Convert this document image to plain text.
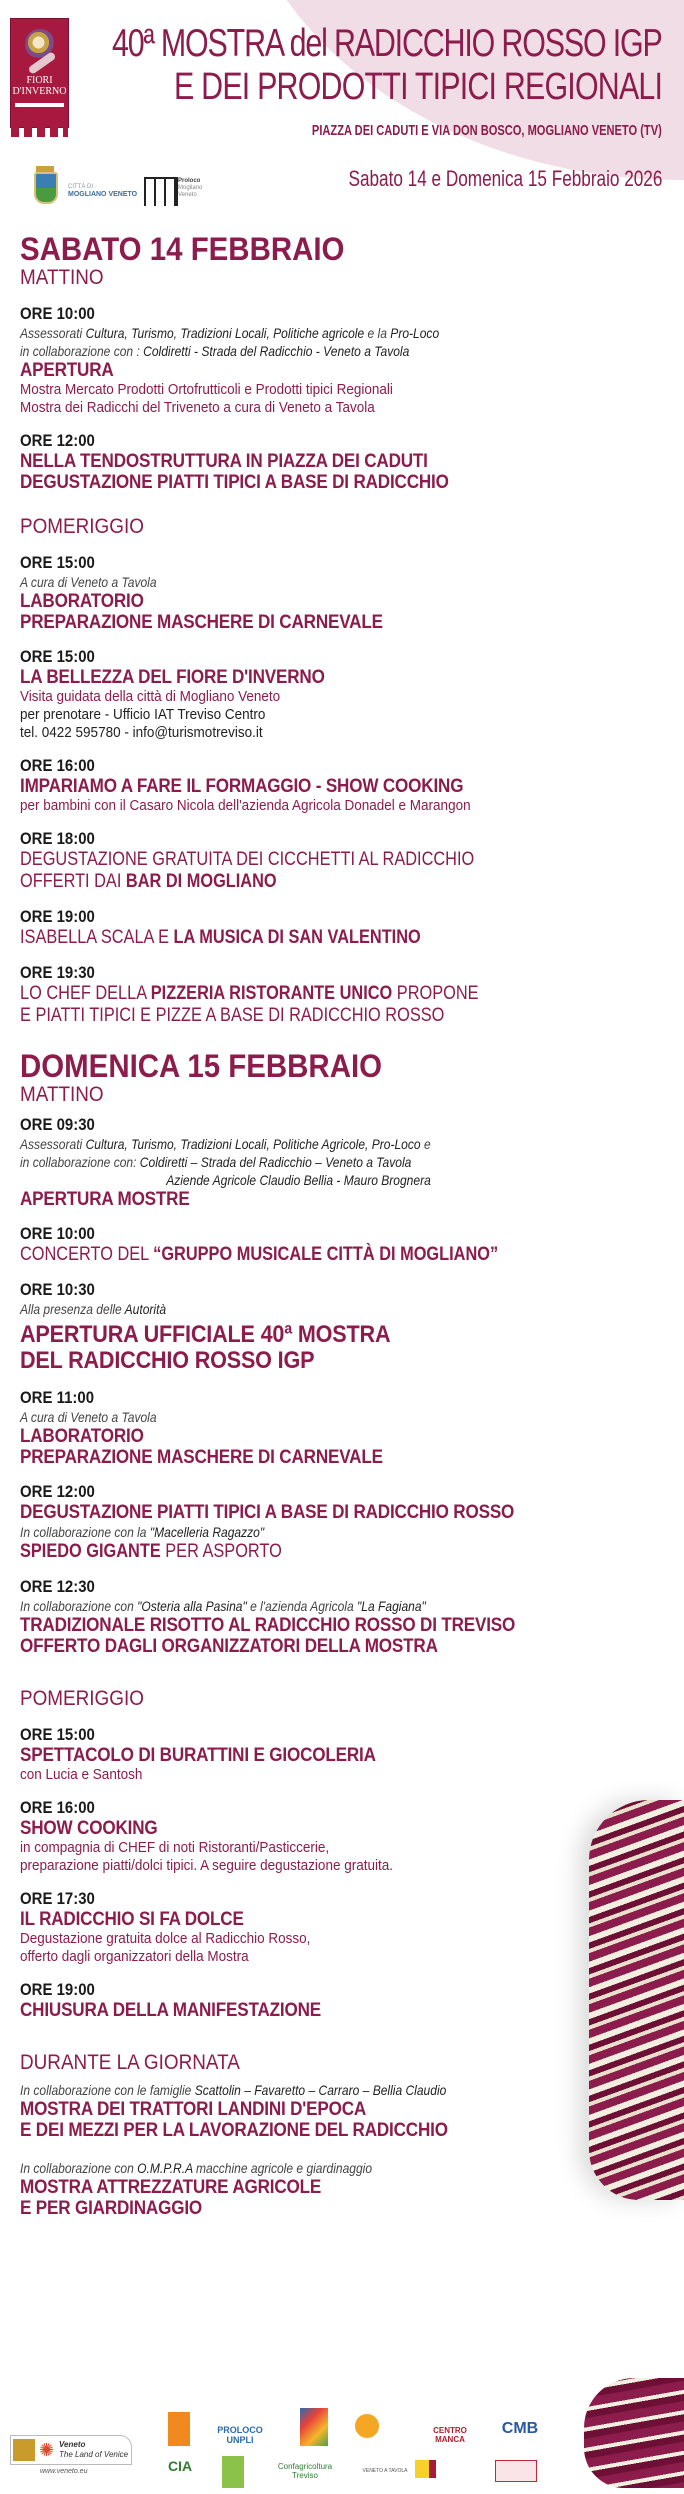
FIORI
D'INVERNO
40ª MOSTRA del RADICCHIO ROSSO IGP
E DEI PRODOTTI TIPICI REGIONALI
PIAZZA DEI CADUTI E VIA DON BOSCO, MOGLIANO VENETO (TV)
Sabato 14 e Domenica 15 Febbraio 2026
CITTÀ DI
MOGLIANO VENETO
Proloco
Mogliano
Veneto
SABATO 14 FEBBRAIO
MATTINO
ORE 10:00
Assessorati Cultura, Turismo, Tradizioni Locali, Politiche agricole e la Pro-Loco
in collaborazione con : Coldiretti - Strada del Radicchio - Veneto a Tavola
APERTURA
Mostra Mercato Prodotti Ortofrutticoli e Prodotti tipici Regionali
Mostra dei Radicchi del Triveneto a cura di Veneto a Tavola
ORE 12:00
NELLA TENDOSTRUTTURA IN PIAZZA DEI CADUTI
DEGUSTAZIONE PIATTI TIPICI A BASE DI RADICCHIO
POMERIGGIO
ORE 15:00
A cura di Veneto a Tavola
LABORATORIO
PREPARAZIONE MASCHERE DI CARNEVALE
ORE 15:00
LA BELLEZZA DEL FIORE D'INVERNO
Visita guidata della città di Mogliano Veneto
per prenotare - Ufficio IAT Treviso Centro
tel. 0422 595780 - info@turismotreviso.it
ORE 16:00
IMPARIAMO A FARE IL FORMAGGIO - SHOW COOKING
per bambini con il Casaro Nicola dell'azienda Agricola Donadel e Marangon
ORE 18:00
DEGUSTAZIONE GRATUITA DEI CICCHETTI AL RADICCHIO
OFFERTI DAI BAR DI MOGLIANO
ORE 19:00
ISABELLA SCALA E LA MUSICA DI SAN VALENTINO
ORE 19:30
LO CHEF DELLA PIZZERIA RISTORANTE UNICO PROPONE
E PIATTI TIPICI E PIZZE A BASE DI RADICCHIO ROSSO
DOMENICA 15 FEBBRAIO
MATTINO
ORE 09:30
Assessorati Cultura, Turismo, Tradizioni Locali, Politiche Agricole, Pro-Loco e
in collaborazione con: Coldiretti – Strada del Radicchio – Veneto a Tavola
Aziende Agricole Claudio Bellia - Mauro Brognera
APERTURA MOSTRE
ORE 10:00
CONCERTO DEL “GRUPPO MUSICALE CITTÀ DI MOGLIANO”
ORE 10:30
Alla presenza delle Autorità
APERTURA UFFICIALE 40ª MOSTRA
DEL RADICCHIO ROSSO IGP
ORE 11:00
A cura di Veneto a Tavola
LABORATORIO
PREPARAZIONE MASCHERE DI CARNEVALE
ORE 12:00
DEGUSTAZIONE PIATTI TIPICI A BASE DI RADICCHIO ROSSO
In collaborazione con la "Macelleria Ragazzo"
SPIEDO GIGANTE PER ASPORTO
ORE 12:30
In collaborazione con "Osteria alla Pasina" e l'azienda Agricola "La Fagiana"
TRADIZIONALE RISOTTO AL RADICCHIO ROSSO DI TREVISO
OFFERTO DAGLI ORGANIZZATORI DELLA MOSTRA
POMERIGGIO
ORE 15:00
SPETTACOLO DI BURATTINI E GIOCOLERIA
con Lucia e Santosh
ORE 16:00
SHOW COOKING
in compagnia di CHEF di noti Ristoranti/Pasticcerie,
preparazione piatti/dolci tipici. A seguire degustazione gratuita.
ORE 17:30
IL RADICCHIO SI FA DOLCE
Degustazione gratuita dolce al Radicchio Rosso,
offerto dagli organizzatori della Mostra
ORE 19:00
CHIUSURA DELLA MANIFESTAZIONE
DURANTE LA GIORNATA
In collaborazione con le famiglie Scattolin – Favaretto – Carraro – Bellia Claudio
MOSTRA DEI TRATTORI LANDINI D'EPOCA
E DEI MEZZI PER LA LAVORAZIONE DEL RADICCHIO
In collaborazione con O.M.P.R.A macchine agricole e giardinaggio
MOSTRA ATTREZZATURE AGRICOLE
E PER GIARDINAGGIO
✺ Veneto
The Land of Venice
www.veneto.eu
PROLOCO UNPLI
CENTRO MANCA
CMB
CIA	Confagricoltura Treviso	VENETO A TAVOLA
